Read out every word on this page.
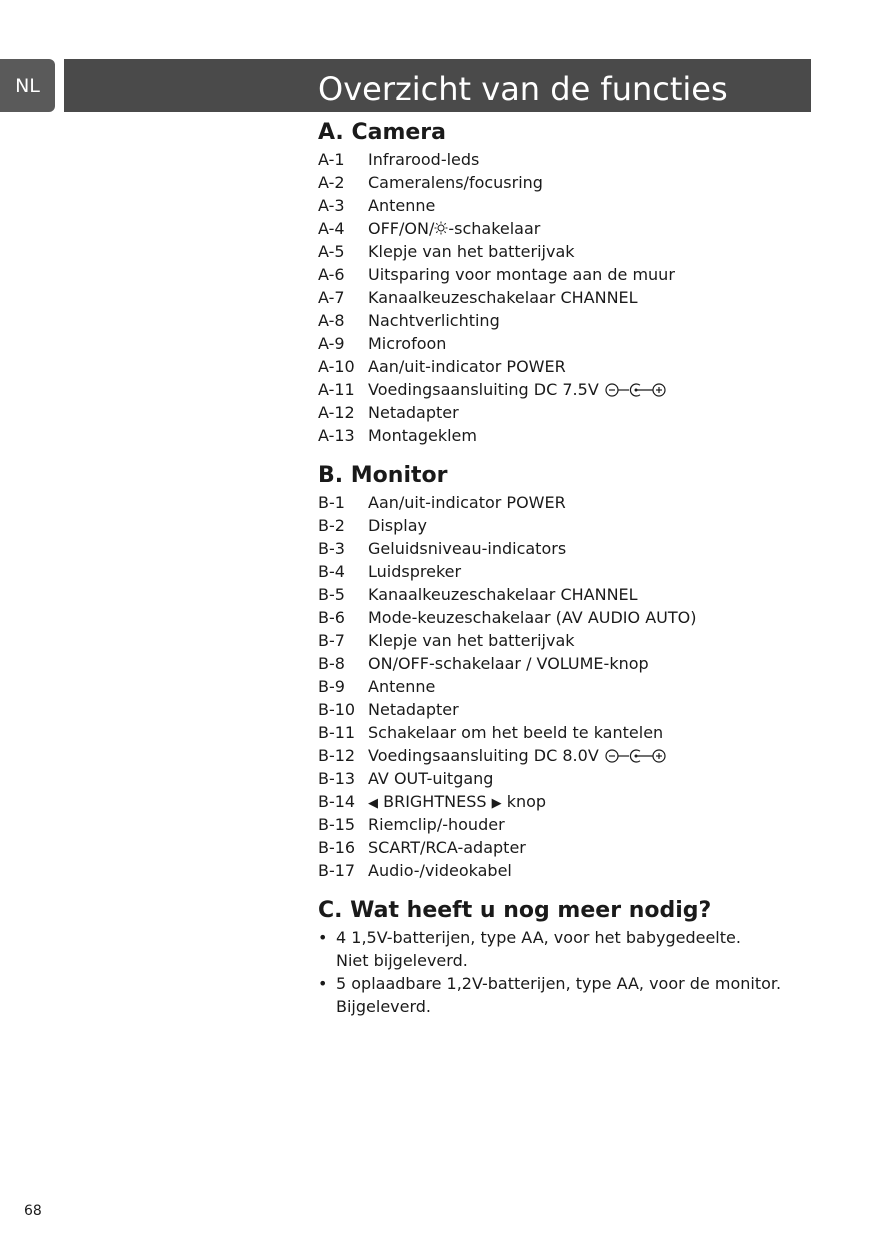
NL	Overzicht van de functies
A. Camera
A-1 Infrarood-leds
A-2 Cameralens/focusring
A-3 Antenne
A-4 OFF/ON/ -schakelaar
A-5 Klepje van het batterijvak
A-6 Uitsparing voor montage aan de muur
A-7 Kanaalkeuzeschakelaar CHANNEL
A-8 Nachtverlichting
A-9 Microfoon
A-10 Aan/uit-indicator POWER
A-11 Voedingsaansluiting DC 7.5V
A-12 Netadapter
A-13 Montageklem
B. Monitor
B-1 Aan/uit-indicator POWER
B-2 Display
B-3 Geluidsniveau-indicators
B-4 Luidspreker
B-5 Kanaalkeuzeschakelaar CHANNEL
B-6 Mode-keuzeschakelaar (AV AUDIO AUTO)
B-7 Klepje van het batterijvak
B-8 ON/OFF-schakelaar / VOLUME-knop
B-9 Antenne
B-10 Netadapter
B-11 Schakelaar om het beeld te kantelen
B-12 Voedingsaansluiting DC 8.0V
B-13 AV OUT-uitgang
B-14 ◀ BRIGHTNESS ▶ knop
B-15 Riemclip/-houder
B-16 SCART/RCA-adapter
B-17 Audio-/videokabel
C. Wat heeft u nog meer nodig?
• 4 1,5V-batterijen, type AA, voor het babygedeelte.
Niet bijgeleverd.
• 5 oplaadbare 1,2V-batterijen, type AA, voor de monitor.
Bijgeleverd.
68
